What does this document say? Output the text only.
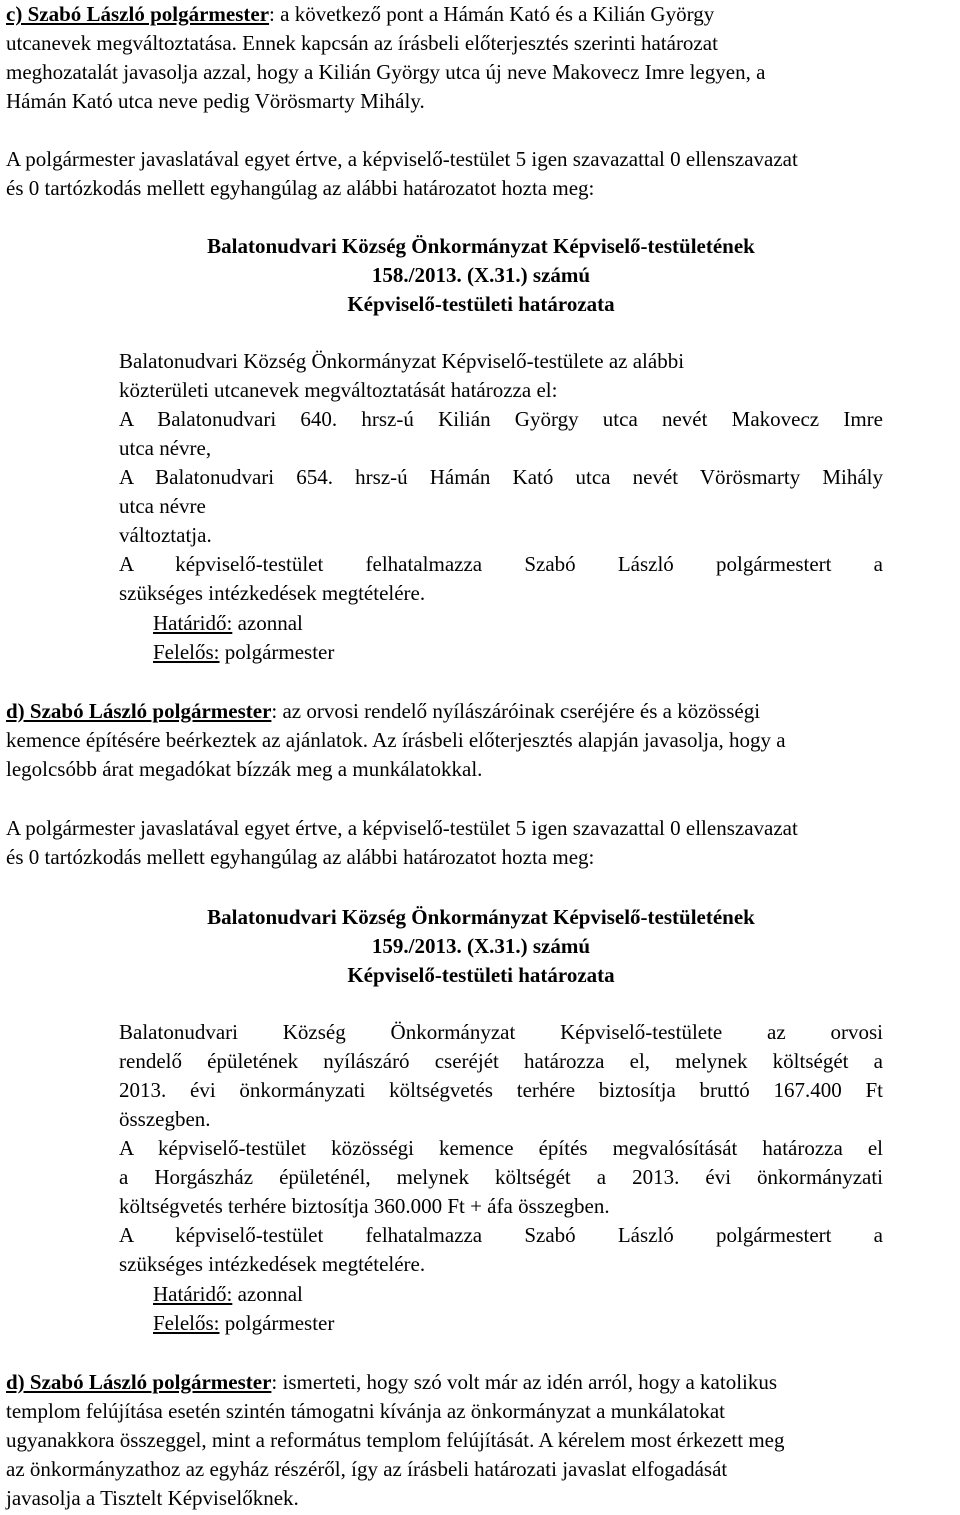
c) Szabó László polgármester: a következő pont a Hámán Kató és a Kilián György
utcanevek megváltoztatása. Ennek kapcsán az írásbeli előterjesztés szerinti határozat
meghozatalát javasolja azzal, hogy a Kilián György utca új neve Makovecz Imre legyen, a
Hámán Kató utca neve pedig Vörösmarty Mihály.
A polgármester javaslatával egyet értve, a képviselő-testület 5 igen szavazattal 0 ellenszavazat
és 0 tartózkodás mellett egyhangúlag az alábbi határozatot hozta meg:
Balatonudvari Község Önkormányzat Képviselő-testületének
158./2013. (X.31.) számú
Képviselő-testületi határozata
Balatonudvari Község Önkormányzat Képviselő-testülete az alábbi
közterületi utcanevek megváltoztatását határozza el:

A Balatonudvari 640. hrsz-ú Kilián György utca nevét Makovecz Imre

utca névre,

A Balatonudvari 654. hrsz-ú Hámán Kató utca nevét Vörösmarty Mihály

utca névre
változtatja.

A képviselő-testület felhatalmazza Szabó László polgármestert a

szükséges intézkedések megtételére.
Határidő: azonnal
Felelős: polgármester
d) Szabó László polgármester: az orvosi rendelő nyílászáróinak cseréjére és a közösségi
kemence építésére beérkeztek az ajánlatok. Az írásbeli előterjesztés alapján javasolja, hogy a
legolcsóbb árat megadókat bízzák meg a munkálatokkal.
A polgármester javaslatával egyet értve, a képviselő-testület 5 igen szavazattal 0 ellenszavazat
és 0 tartózkodás mellett egyhangúlag az alábbi határozatot hozta meg:
Balatonudvari Község Önkormányzat Képviselő-testületének
159./2013. (X.31.) számú
Képviselő-testületi határozata

Balatonudvari Község Önkormányzat Képviselő-testülete az orvosi

rendelő épületének nyílászáró cseréjét határozza el, melynek költségét a

2013. évi önkormányzati költségvetés terhére biztosítja bruttó 167.400 Ft

összegben.

A képviselő-testület közösségi kemence építés megvalósítását határozza el

a Horgászház épületénél, melynek költségét a 2013. évi önkormányzati

költségvetés terhére biztosítja 360.000 Ft + áfa összegben.

A képviselő-testület felhatalmazza Szabó László polgármestert a

szükséges intézkedések megtételére.
Határidő: azonnal
Felelős: polgármester
d) Szabó László polgármester: ismerteti, hogy szó volt már az idén arról, hogy a katolikus
templom felújítása esetén szintén támogatni kívánja az önkormányzat a munkálatokat
ugyanakkora összeggel, mint a református templom felújítását. A kérelem most érkezett meg
az önkormányzathoz az egyház részéről, így az írásbeli határozati javaslat elfogadását
javasolja a Tisztelt Képviselőknek.
